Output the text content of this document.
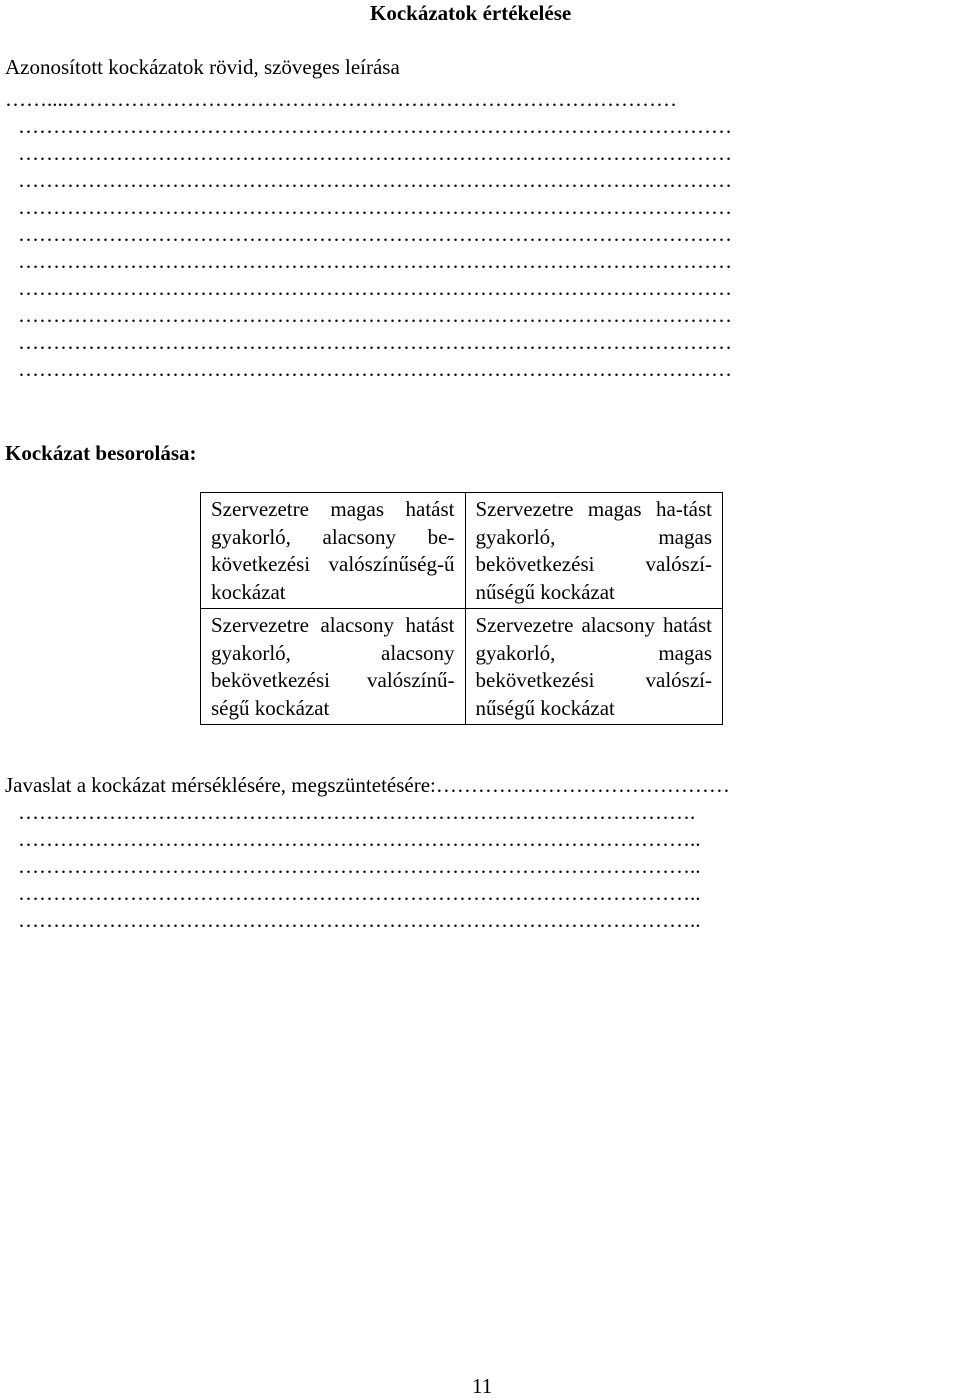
Kockázatok értékelése
Azonosított kockázatok rövid, szöveges leírása
……....……………………………………………………………………………
…………………………………………………………………………………………
…………………………………………………………………………………………
…………………………………………………………………………………………
…………………………………………………………………………………………
…………………………………………………………………………………………
…………………………………………………………………………………………
…………………………………………………………………………………………
…………………………………………………………………………………………
…………………………………………………………………………………………
…………………………………………………………………………………………
Kockázat besorolása:
Szervezetre magas hatást gyakorló, alacsony be-következési valószínűség-ű kockázat	Szervezetre magas ha-tást gyakorló, magas bekövetkezési valószí-nűségű kockázat
Szervezetre alacsony hatást gyakorló, alacsony bekövetkezési valószínű-ségű kockázat	Szervezetre alacsony hatást gyakorló, magas bekövetkezési valószí-nűségű kockázat
Javaslat a kockázat mérséklésére, megszüntetésére:……………………………………
…………………………………………………………………………………….
……………………………………………………………………………………..
……………………………………………………………………………………..
……………………………………………………………………………………..
……………………………………………………………………………………..
11
